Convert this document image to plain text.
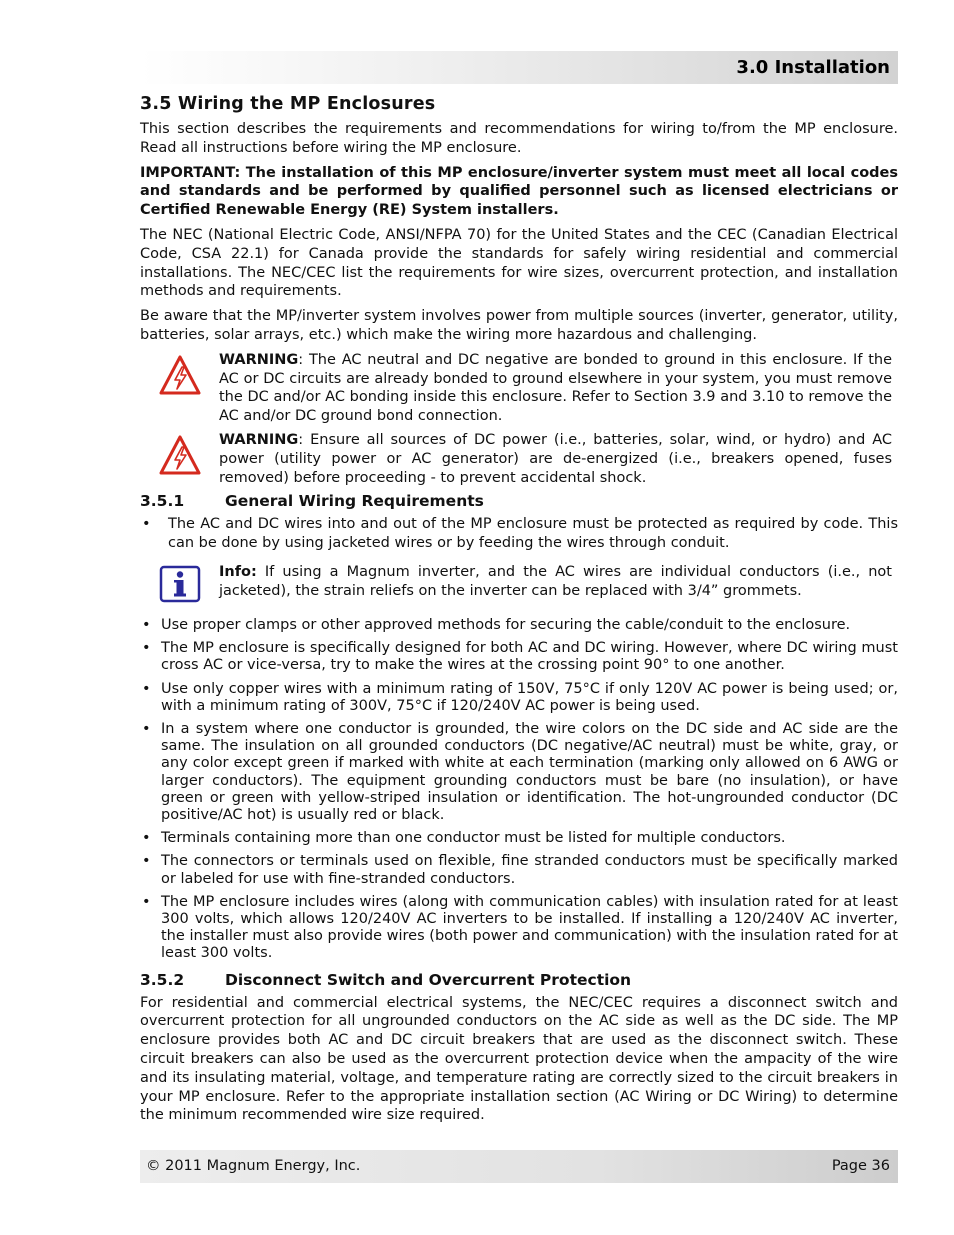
3.0 Installation
3.5 Wiring the MP Enclosures

This section describes the requirements and recommendations for wiring to/from the MP enclosure. Read all instructions before wiring the MP enclosure.

IMPORTANT: The installation of this MP enclosure/inverter system must meet all local codes and standards and be performed by qualified personnel such as licensed electricians or Certified Renewable Energy (RE) System installers.

The NEC (National Electric Code, ANSI/NFPA 70) for the United States and the CEC (Canadian Electrical Code, CSA 22.1) for Canada provide the standards for safely wiring residential and commercial installations. The NEC/CEC list the requirements for wire sizes, overcurrent protection, and installation methods and requirements.

Be aware that the MP/inverter system involves power from multiple sources (inverter, generator, utility, batteries, solar arrays, etc.) which make the wiring more hazardous and challenging.

WARNING: The AC neutral and DC negative are bonded to ground in this enclosure. If the AC or DC circuits are already bonded to ground elsewhere in your system, you must remove the DC and/or AC bonding inside this enclosure. Refer to Section 3.9 and 3.10 to remove the AC and/or DC ground bond connection.

WARNING: Ensure all sources of DC power (i.e., batteries, solar, wind, or hydro) and AC power (utility power or AC generator) are de-energized (i.e., breakers opened, fuses removed) before proceeding - to prevent accidental shock.

3.5.1	General Wiring Requirements
• The AC and DC wires into and out of the MP enclosure must be protected as required by code. This can be done by using jacketed wires or by feeding the wires through conduit.

Info: If using a Magnum inverter, and the AC wires are individual conductors (i.e., not jacketed), the strain reliefs on the inverter can be replaced with 3/4” grommets.

• Use proper clamps or other approved methods for securing the cable/conduit to the enclosure.
• The MP enclosure is specifically designed for both AC and DC wiring. However, where DC wiring must cross AC or vice-versa, try to make the wires at the crossing point 90° to one another.
• Use only copper wires with a minimum rating of 150V, 75°C if only 120V AC power is being used; or, with a minimum rating of 300V, 75°C if 120/240V AC power is being used.
• In a system where one conductor is grounded, the wire colors on the DC side and AC side are the same. The insulation on all grounded conductors (DC negative/AC neutral) must be white, gray, or any color except green if marked with white at each termination (marking only allowed on 6 AWG or larger conductors). The equipment grounding conductors must be bare (no insulation), or have green or green with yellow-striped insulation or identification. The hot-ungrounded conductor (DC positive/AC hot) is usually red or black.
• Terminals containing more than one conductor must be listed for multiple conductors.
• The connectors or terminals used on flexible, fine stranded conductors must be specifically marked or labeled for use with fine-stranded conductors.
• The MP enclosure includes wires (along with communication cables) with insulation rated for at least 300 volts, which allows 120/240V AC inverters to be installed. If installing a 120/240V AC inverter, the installer must also provide wires (both power and communication) with the insulation rated for at least 300 volts.
3.5.2	Disconnect Switch and Overcurrent Protection

For residential and commercial electrical systems, the NEC/CEC requires a disconnect switch and overcurrent protection for all ungrounded conductors on the AC side as well as the DC side. The MP enclosure provides both AC and DC circuit breakers that are used as the disconnect switch. These circuit breakers can also be used as the overcurrent protection device when the ampacity of the wire and its insulating material, voltage, and temperature rating are correctly sized to the circuit breakers in your MP enclosure. Refer to the appropriate installation section (AC Wiring or DC Wiring) to determine the minimum recommended wire size required.

© 2011 Magnum Energy, Inc.	Page 36
